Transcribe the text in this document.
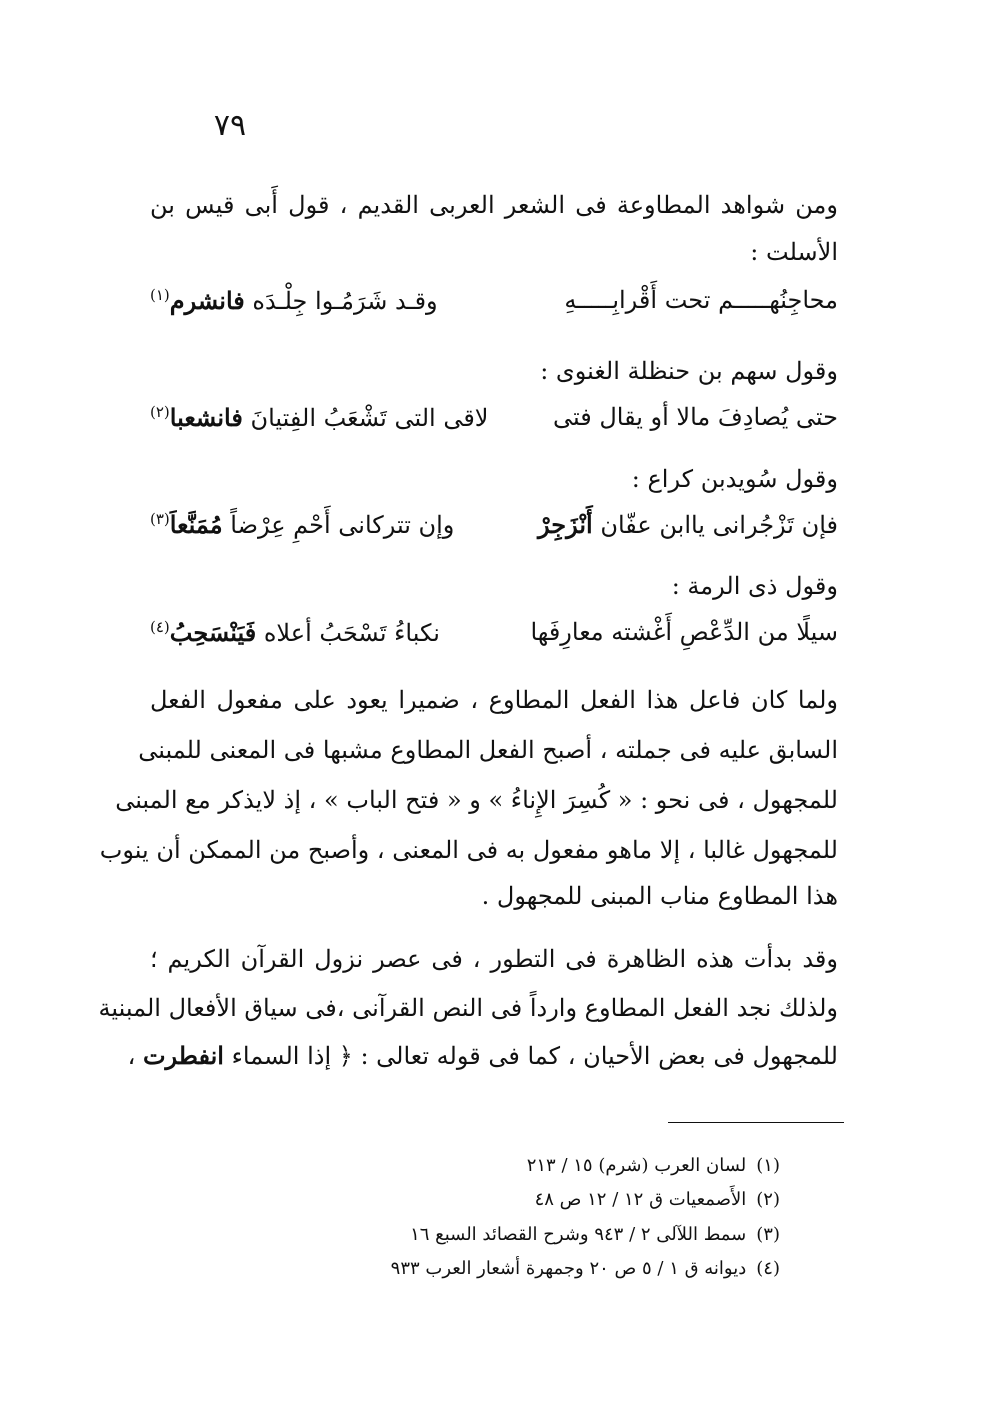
٧٩
ومن شواهد المطاوعة فى الشعر العربى القديم ، قول أَبى قيس بن
الأسلت :
محاجِنُهـــــم تحت أَقْرابِـــــهِ
وقـد شَرَمُـوا جِلْـدَه فانشرم$^{(١)}$
وقول سهم بن حنظلة الغنوى :
حتى يُصادِفَ مالا أو يقال فتى
لاقى التى تَشْعَبُ الفِتيانَ فانشعبا$^{(٢)}$
وقول سُويدبن كراع :
فإن تَزْجُرانى ياابن عفّان أَنْزَجِرْ
وإن تتركانى أَحْمِ عِرْضاً مُمَنَّعاَ$^{(٣)}$
وقول ذى الرمة :
سيلًا من الدِّعْصِ أَغْشته معارِفَها
نكباءُ تَسْحَبُ أعلاه فَيَنْسَحِبُ$^{(٤)}$
ولما كان فاعل هذا الفعل المطاوع ، ضميرا يعود على مفعول الفعل
السابق عليه فى جملته ، أصبح الفعل المطاوع مشبها فى المعنى للمبنى
للمجهول ، فى نحو : « كُسِرَ الإِناءُ » و « فتح الباب » ، إذ لايذكر مع المبنى
للمجهول غالبا ، إلا ماهو مفعول به فى المعنى ، وأصبح من الممكن أن ينوب
هذا المطاوع مناب المبنى للمجهول .
وقد بدأت هذه الظاهرة فى التطور ، فى عصر نزول القرآن الكريم ؛
ولذلك نجد الفعل المطاوع وارداً فى النص القرآنى ،فى سياق الأفعال المبنية
للمجهول فى بعض الأحيان ، كما فى قوله تعالى : ﴿ إذا السماء انفطرت ،
(١)لسان العرب (شرم) ١٥ / ٢١٣
(٢)الأَصمعيات ق ١٢ / ١٢ ص ٤٨
(٣)سمط اللآلى ٢ / ٩٤٣ وشرح القصائد السبع ١٦
(٤)ديوانه ق ١ / ٥ ص ٢٠ وجمهرة أشعار العرب ٩٣٣
